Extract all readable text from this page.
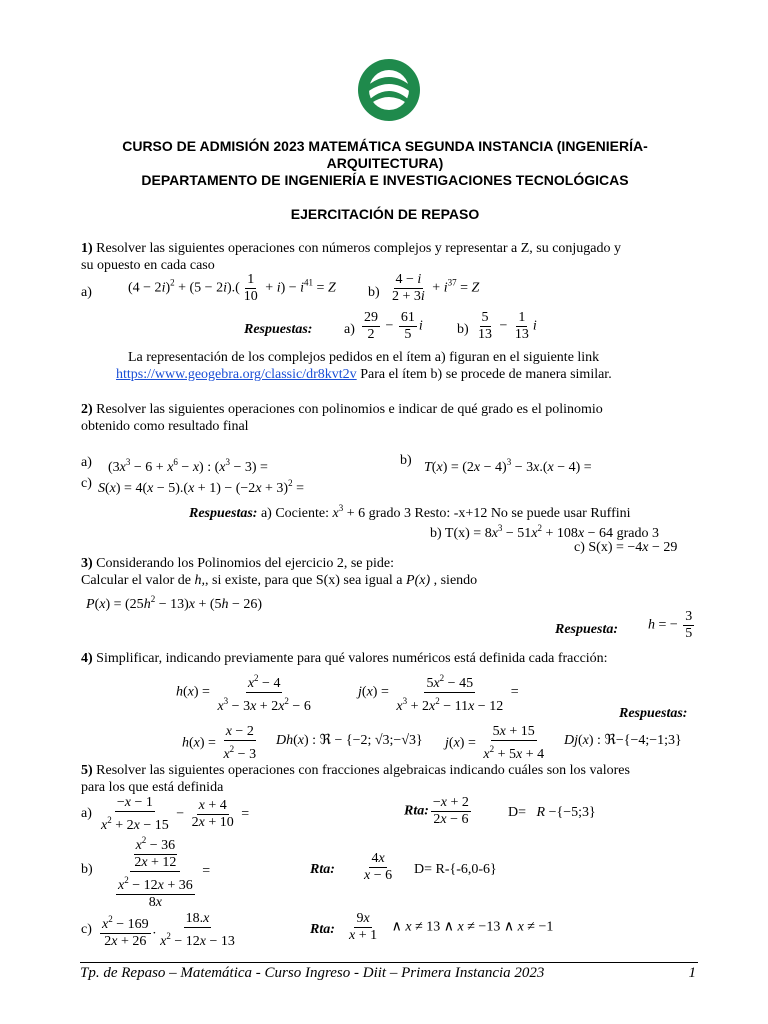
CURSO DE ADMISIÓN 2023 MATEMÁTICA SEGUNDA INSTANCIA (INGENIERÍA-
ARQUITECTURA)
DEPARTAMENTO DE INGENIERÍA E INVESTIGACIONES TECNOLÓGICAS
EJERCITACIÓN DE REPASO
1) Resolver las siguientes operaciones con números complejos y representar a Z, su conjugado y
su opuesto en cada caso
a)	$(4 - 2i)^2 + (5 - 2i).( \frac{1}{10} + i) - i^{41} = Z$ $b) \frac{4 - i}{2 + 3i} + i^{37} = Z$
Respuestas: $a) \frac{29}{2} - \frac{61}{5}$ i $b) \frac{5}{13} - \frac{1}{13}$ i
La representación de los complejos pedidos en el ítem a) figuran en el siguiente link
https://www.geogebra.org/classic/dr8kvt2v Para el ítem b) se procede de manera similar.
2) Resolver las siguientes operaciones con polinomios e indicar de qué grado es el polinomio
obtenido como resultado final
a) $(3x^3 - 6 + x^6 - x)$ : $(x^3 - 3)$ =	b) $T(x) = (2x - 4)^3 - 3x.(x - 4)$ =
c) $S(x) = 4(x - 5).(x + 1) - (-2x + 3)^2$ =
Respuestas: a) Cociente: $x^3 + 6$ grado 3 Resto: -x+12 No se puede usar Ruffini
b) $T(x) = 8x^3 - 51x^2 + 108x - 64$ grado 3
c) S(x) = −4x − 29
3) Considerando los Polinomios del ejercicio 2, se pide:
Calcular el valor de h,, si existe, para que S(x) sea igual a P(x) , siendo
$P(x) = (25h^2 - 13)x + (5h - 26)$
Respuesta: h = − $\frac{3}{5}$
4) Simplificar, indicando previamente para qué valores numéricos está definida cada fracción:
$h(x) = \frac{x^2 - 4}{x^3 - 3x + 2x^2 - 6}$	$j(x) = \frac{5x^2 - 45}{x^3 + 2x^2 - 11x - 12}$ =
Respuestas:
$h(x) = \frac{x - 2}{x^2 - 3} Dh(x)$ : ℜ − {−2; √3;−√3} $j(x) = \frac{5x + 15}{x^2 + 5x + 4} Dj(x)$ : ℜ−{−4;−1;3}
5) Resolver las siguientes operaciones con fracciones algebraicas indicando cuáles son los valores
para los que está definida
$a) \frac{-x - 1}{x^2 + 2x - 15} - \frac{x + 4}{2x + 10}$ =	Rta: $\frac{-x + 2}{2x - 6}$	D= R −{−5;3}
$b) \frac{\frac{x^2 - 36}{2x + 12}}{\frac{x^2 - 12x + 36}{8x}}$ =	Rta: $\frac{4x}{x - 6} D= R-\{-6,0-6\}$
$c) \frac{x^2 - 169}{2x + 26}$ . $\frac{18.x}{x^2 - 12x - 13}$	Rta: $\frac{9x}{x + 1}$ ∧ x ≠ 13 ∧ x ≠ −13 ∧ x ≠ −1
Tp. de Repaso – Matemática - Curso Ingreso - Diit – Primera Instancia 2023	1
